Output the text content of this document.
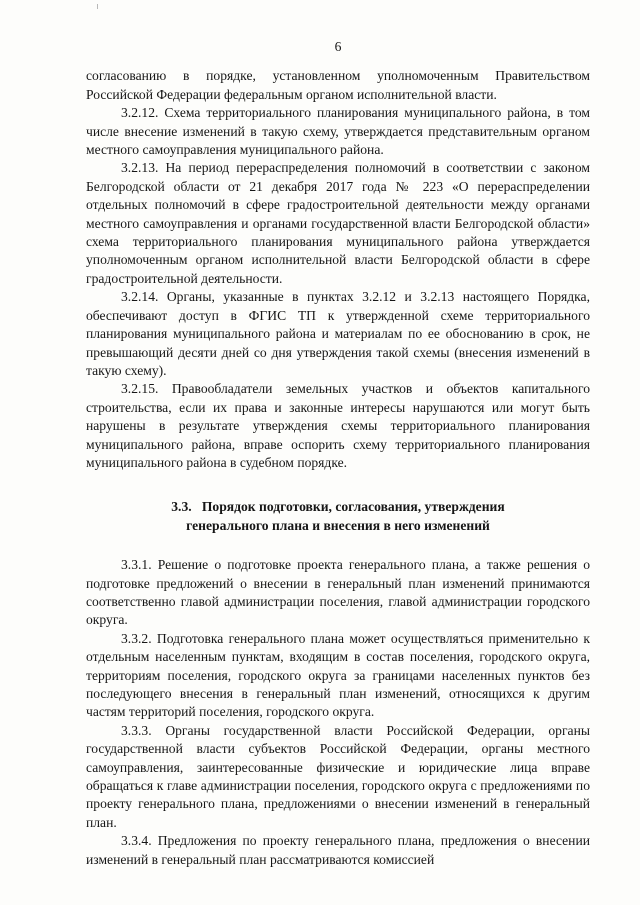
6

согласованию в порядке, установленном уполномоченным Правительством Российской Федерации федеральным органом исполнительной власти.

3.2.12. Схема территориального планирования муниципального района, в том числе внесение изменений в такую схему, утверждается представительным органом местного самоуправления муниципального района.

3.2.13. На период перераспределения полномочий в соответствии с законом Белгородской области от 21 декабря 2017 года № 223 «О перераспределении отдельных полномочий в сфере градостроительной деятельности между органами местного самоуправления и органами государственной власти Белгородской области» схема территориального планирования муниципального района утверждается уполномоченным органом исполнительной власти Белгородской области в сфере градостроительной деятельности.

3.2.14. Органы, указанные в пунктах 3.2.12 и 3.2.13 настоящего Порядка, обеспечивают доступ в ФГИС ТП к утвержденной схеме территориального планирования муниципального района и материалам по ее обоснованию в срок, не превышающий десяти дней со дня утверждения такой схемы (внесения изменений в такую схему).

3.2.15. Правообладатели земельных участков и объектов капитального строительства, если их права и законные интересы нарушаются или могут быть нарушены в результате утверждения схемы территориального планирования муниципального района, вправе оспорить схему территориального планирования муниципального района в судебном порядке.

3.3.   Порядок подготовки, согласования, утверждения
генерального плана и внесения в него изменений

3.3.1. Решение о подготовке проекта генерального плана, а также решения о подготовке предложений о внесении в генеральный план изменений принимаются соответственно главой администрации поселения, главой администрации городского округа.

3.3.2. Подготовка генерального плана может осуществляться применительно к отдельным населенным пунктам, входящим в состав поселения, городского округа, территориям поселения, городского округа за границами населенных пунктов без последующего внесения в генеральный план изменений, относящихся к другим частям территорий поселения, городского округа.

3.3.3. Органы государственной власти Российской Федерации, органы государственной власти субъектов Российской Федерации, органы местного самоуправления, заинтересованные физические и юридические лица вправе обращаться к главе администрации поселения, городского округа с предложениями по проекту генерального плана, предложениями о внесении изменений в генеральный план.

3.3.4. Предложения по проекту генерального плана, предложения о внесении изменений в генеральный план рассматриваются комиссией
